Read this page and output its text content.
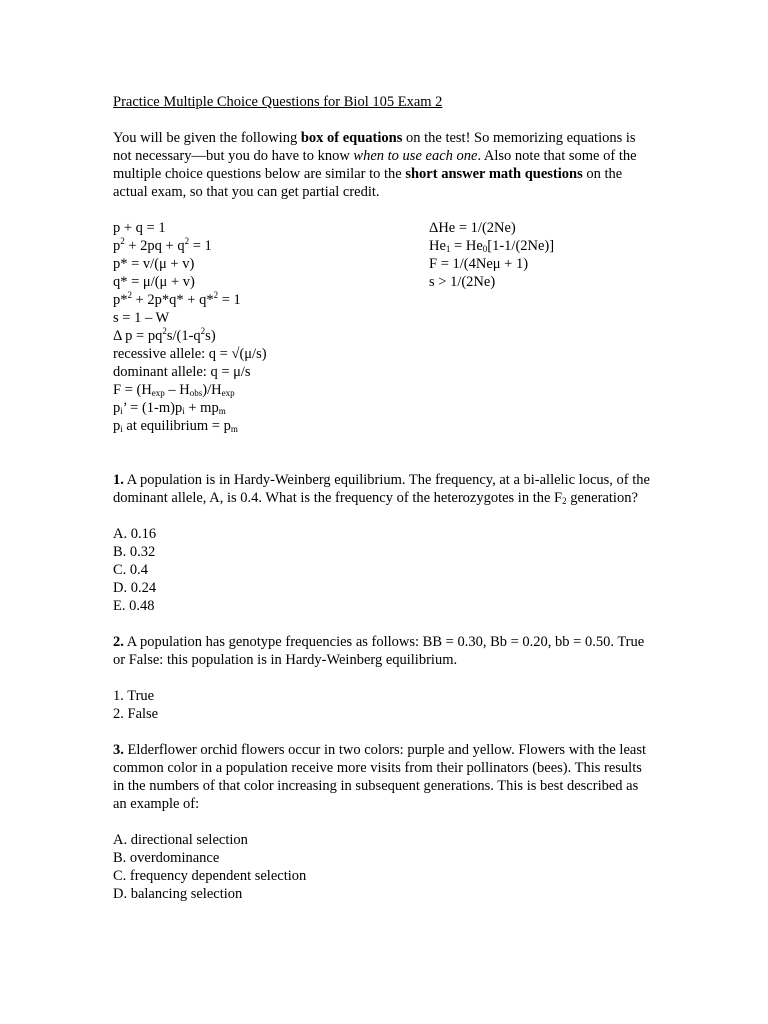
Practice Multiple Choice Questions for Biol 105 Exam 2

You will be given the following box of equations on the test! So memorizing equations is not necessary—but you do have to know when to use each one. Also note that some of the multiple choice questions below are similar to the short answer math questions on the actual exam, so that you can get partial credit.

p + q = 1
$p^2 + 2pq + q^2 = 1$
p* = v/(μ + v)
q* = μ/(μ + v)
p*$^2$ + 2p*q* + q*$^2$ = 1
s = 1 – W
Δ $p = pq^2s/(1-q^2s)$
recessive allele: q = √(μ/s)
dominant allele: q = μ/s
$F = (H_{exp} - H_{obs})/H_{exp}$
$p_i$’ = $(1-m)p_i + mp_m$
$p_i$ at equilibrium = $p_m$
ΔHe = 1/(2Ne)
$He_1 = He_0[1-1/(2Ne)]$
F = 1/(4Neμ + 1)
s > 1/(2Ne)

1. A population is in Hardy-Weinberg equilibrium. The frequency, at a bi-allelic locus, of the dominant allele, A, is 0.4. What is the frequency of the heterozygotes in the $F_2$ generation?

A. 0.16
B. 0.32
C. 0.4
D. 0.24
E. 0.48

2. A population has genotype frequencies as follows: BB = 0.30, Bb = 0.20, bb = 0.50. True or False: this population is in Hardy-Weinberg equilibrium.

1. True
2. False

3. Elderflower orchid flowers occur in two colors: purple and yellow. Flowers with the least common color in a population receive more visits from their pollinators (bees). This results in the numbers of that color increasing in subsequent generations. This is best described as an example of:

A. directional selection
B. overdominance
C. frequency dependent selection
D. balancing selection
